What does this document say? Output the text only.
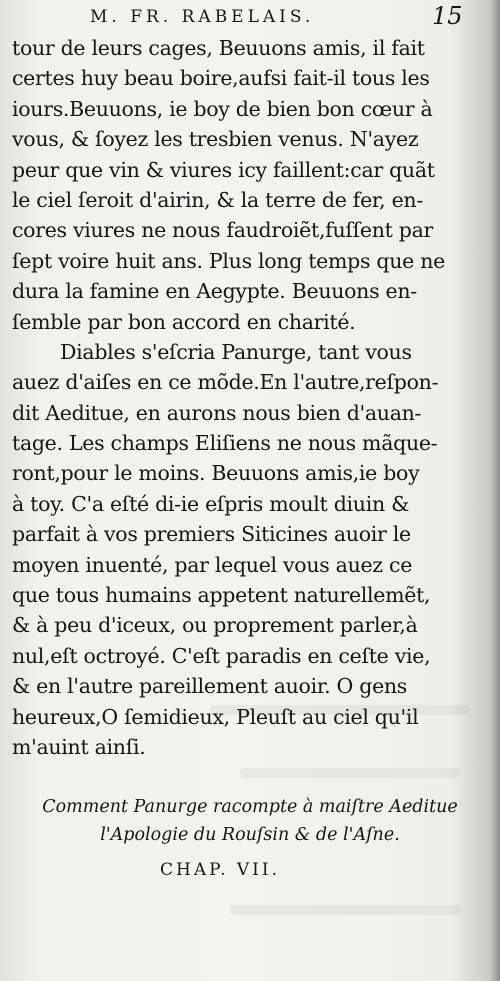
M. FR. RABELAIS.	15
tour de leurs cages, Beuuons amis, il fait
certes huy beau boire,aufsi fait-il tous les
iours.Beuuons, ie boy de bien bon cœur à
vous, & ſoyez les tresbien venus. N'ayez
peur que vin & viures icy faillent:car quãt
le ciel ſeroit d'airin, & la terre de fer, en-
cores viures ne nous faudroiẽt,fuſſent par
ſept voire huit ans. Plus long temps que ne
dura la famine en Aegypte. Beuuons en-
ſemble par bon accord en charité.
Diables s'eſcria Panurge, tant vous
auez d'aiſes en ce mõde.En l'autre,reſpon-
dit Aeditue, en aurons nous bien d'auan-
tage. Les champs Eliſiens ne nous mãque-
ront,pour le moins. Beuuons amis,ie boy
à toy. C'a eſté di-ie eſpris moult diuin &
parfait à vos premiers Siticines auoir le
moyen inuenté, par lequel vous auez ce
que tous humains appetent naturellemẽt,
& à peu d'iceux, ou proprement parler,à
nul,eſt octroyé. C'eſt paradis en ceſte vie,
& en l'autre pareillement auoir. O gens
heureux,O ſemidieux, Pleuſt au ciel qu'il
m'auint ainſi.
Comment Panurge racompte à maiſtre Aeditue
l'Apologie du Rouſsin & de l'Aſne.
CHAP. VII.
